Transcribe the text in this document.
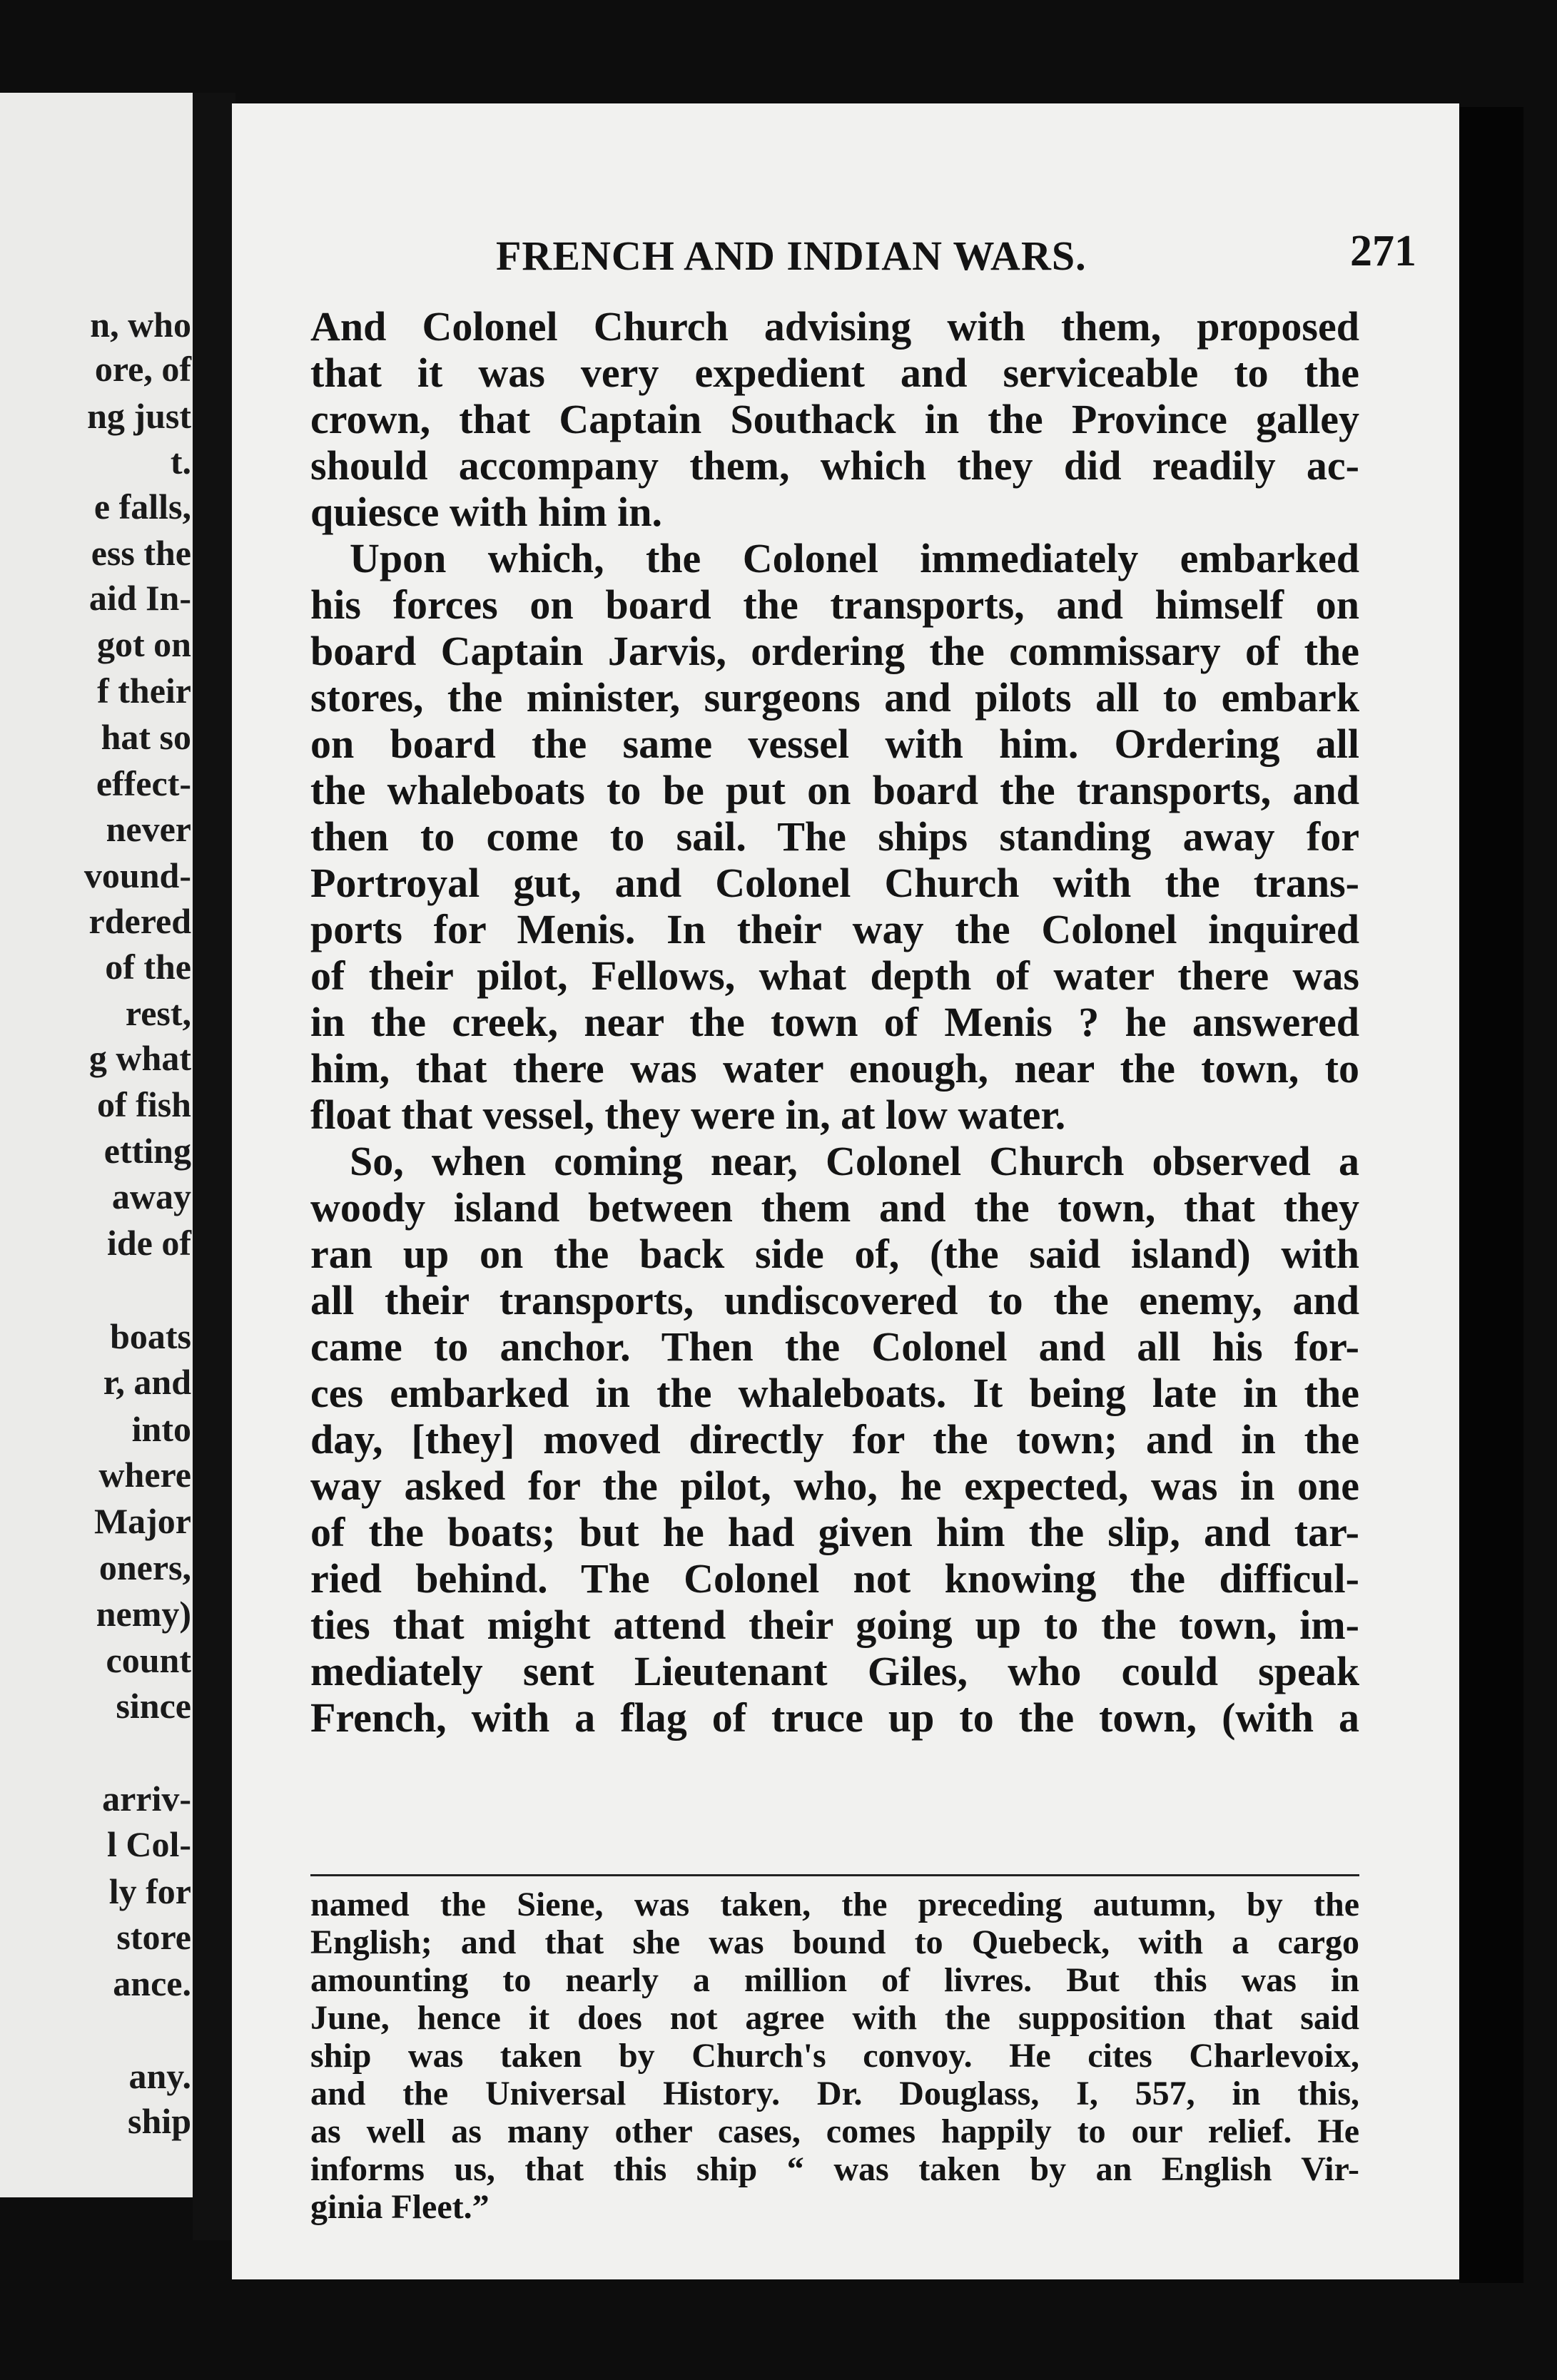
n, who
ore, of
ng just
t.
e falls,
ess the
aid In-
got on
f their
hat so
effect-
never
vound-
rdered
of the
rest,
g what
of fish
etting
away
ide of
boats
r, and
into
where
Major
oners,
nemy)
count
since
arriv-
l Col-
ly for
store
ance.
any.
ship
FRENCH AND INDIAN WARS.	271
And Colonel Church advising with them, proposed
that it was very expedient and serviceable to the
crown, that Captain Southack in the Province galley
should accompany them, which they did readily ac-
quiesce with him in.
Upon which, the Colonel immediately embarked
his forces on board the transports, and himself on
board Captain Jarvis, ordering the commissary of the
stores, the minister, surgeons and pilots all to embark
on board the same vessel with him. Ordering all
the whaleboats to be put on board the transports, and
then to come to sail. The ships standing away for
Portroyal gut, and Colonel Church with the trans-
ports for Menis. In their way the Colonel inquired
of their pilot, Fellows, what depth of water there was
in the creek, near the town of Menis ? he answered
him, that there was water enough, near the town, to
float that vessel, they were in, at low water.
So, when coming near, Colonel Church observed a
woody island between them and the town, that they
ran up on the back side of, (the said island) with
all their transports, undiscovered to the enemy, and
came to anchor. Then the Colonel and all his for-
ces embarked in the whaleboats. It being late in the
day, [they] moved directly for the town; and in the
way asked for the pilot, who, he expected, was in one
of the boats; but he had given him the slip, and tar-
ried behind. The Colonel not knowing the difficul-
ties that might attend their going up to the town, im-
mediately sent Lieutenant Giles, who could speak
French, with a flag of truce up to the town, (with a
named the Siene, was taken, the preceding autumn, by the
English; and that she was bound to Quebeck, with a cargo
amounting to nearly a million of livres. But this was in
June, hence it does not agree with the supposition that said
ship was taken by Church's convoy. He cites Charlevoix,
and the Universal History. Dr. Douglass, I, 557, in this,
as well as many other cases, comes happily to our relief. He
informs us, that this ship “ was taken by an English Vir-
ginia Fleet.”
